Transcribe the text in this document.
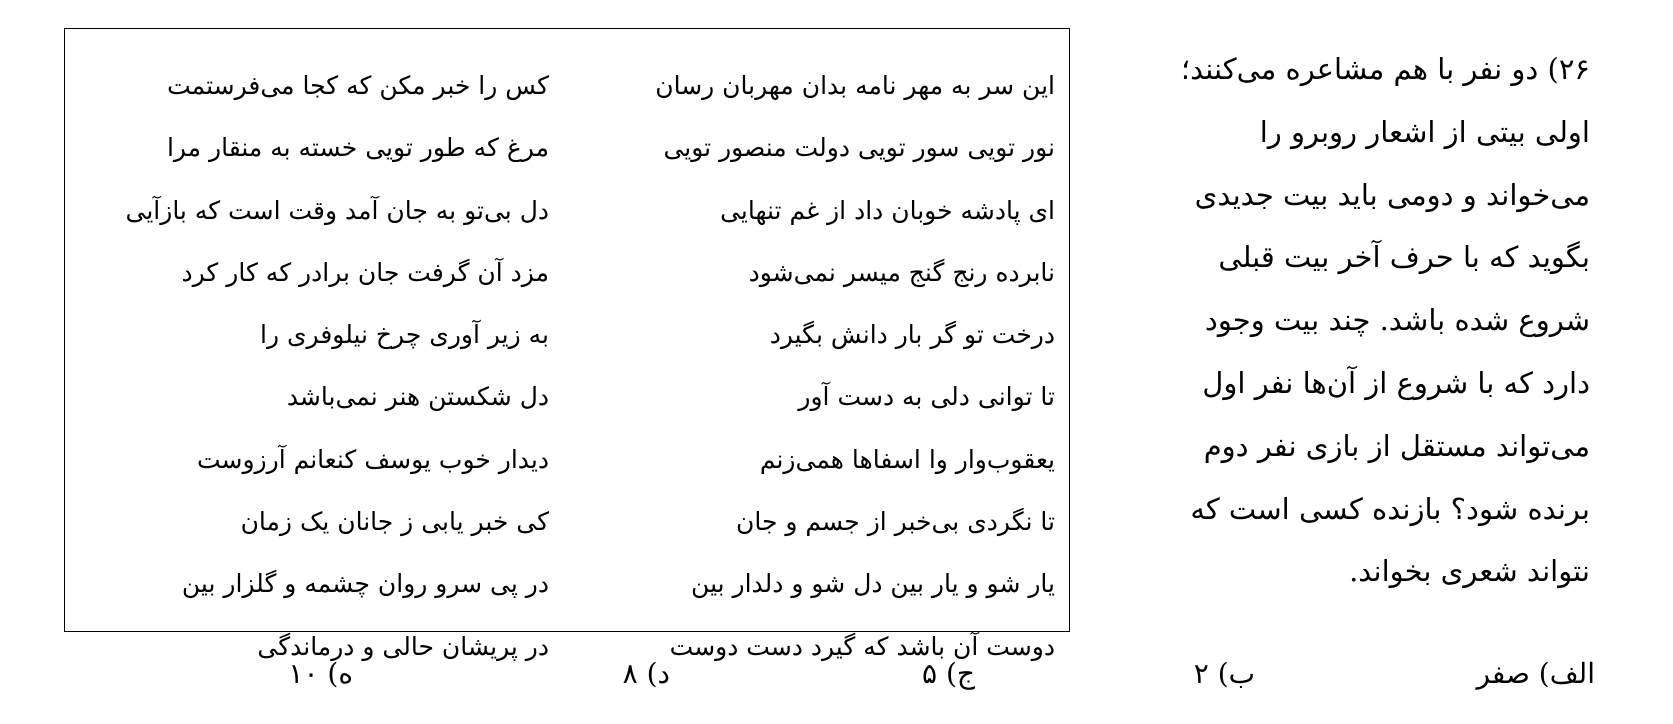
۲۶) دو نفر با هم مشاعره می‌کنند؛
اولی بیتی از اشعار روبرو را
می‌خواند و دومی باید بیت جدیدی
بگوید که با حرف آخر بیت قبلی
شروع شده باشد. چند بیت وجود
دارد که با شروع از آن‌ها نفر اول
می‌تواند مستقل از بازی نفر دوم
برنده شود؟ بازنده کسی است که
نتواند شعری بخواند.
این سر به مهر نامه بدان مهربان رسان
نور تویی سور تویی دولت منصور تویی
ای پادشه خوبان داد از غم تنهایی
نابرده رنج گنج میسر نمی‌شود
درخت تو گر بار دانش بگیرد
تا توانی دلی به دست آور
یعقوب‌وار وا اسفاها همی‌زنم
تا نگردی بی‌خبر از جسم و جان
یار شو و یار بین دل شو و دلدار بین
دوست آن باشد که گیرد دست دوست
کس را خبر مکن که کجا می‌فرستمت
مرغ که طور تویی خسته به منقار مرا
دل بی‌تو به جان آمد وقت است که بازآیی
مزد آن گرفت جان برادر که کار کرد
به زیر آوری چرخ نیلوفری را
دل شکستن هنر نمی‌باشد
دیدار خوب یوسف کنعانم آرزوست
کی خبر یابی ز جانان یک زمان
در پی سرو روان چشمه و گلزار بین
در پریشان حالی و درماندگی
الف) صفر
ب) ۲
ج) ۵
د) ۸
ه) ۱۰
